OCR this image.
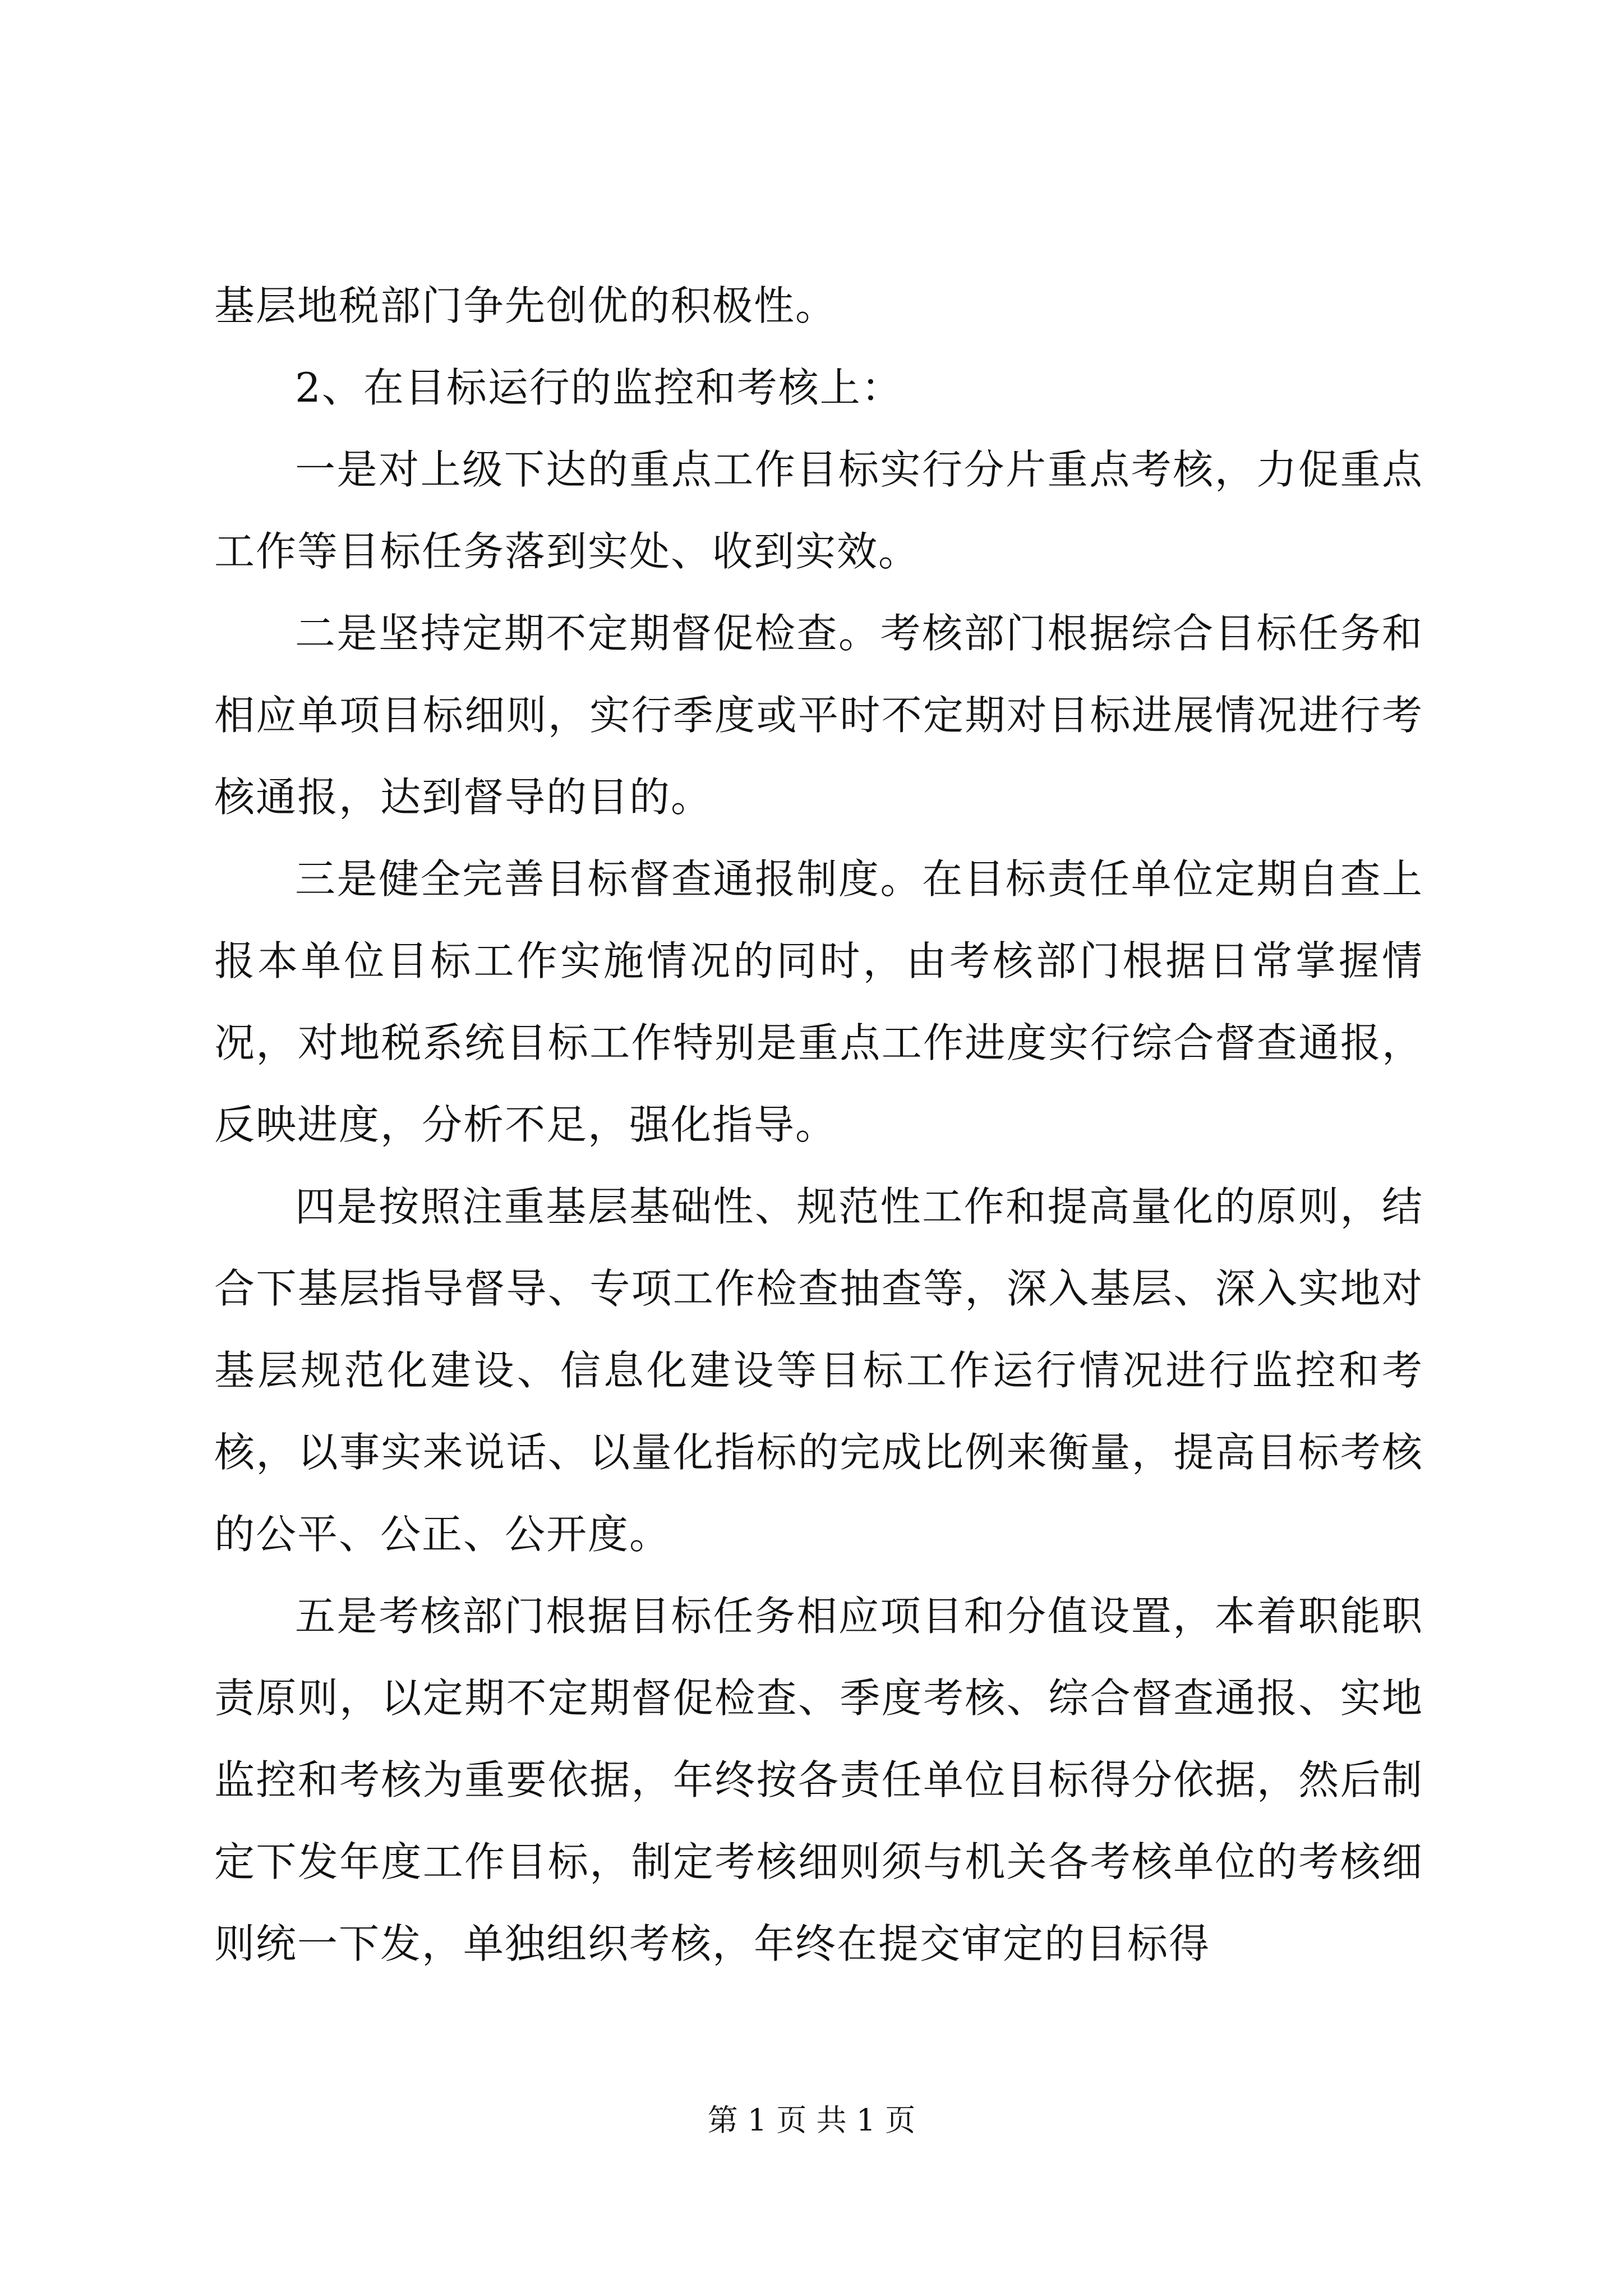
基层地税部门争先创优的积极性。

2、在目标运行的监控和考核上：

一是对上级下达的重点工作目标实行分片重点考核，力促重点工作等目标任务落到实处、收到实效。

二是坚持定期不定期督促检查。考核部门根据综合目标任务和相应单项目标细则，实行季度或平时不定期对目标进展情况进行考核通报，达到督导的目的。

三是健全完善目标督查通报制度。在目标责任单位定期自查上报本单位目标工作实施情况的同时，由考核部门根据日常掌握情况，对地税系统目标工作特别是重点工作进度实行综合督查通报，反映进度，分析不足，强化指导。

四是按照注重基层基础性、规范性工作和提高量化的原则，结合下基层指导督导、专项工作检查抽查等，深入基层、深入实地对基层规范化建设、信息化建设等目标工作运行情况进行监控和考核，以事实来说话、以量化指标的完成比例来衡量，提高目标考核的公平、公正、公开度。

五是考核部门根据目标任务相应项目和分值设置，本着职能职责原则，以定期不定期督促检查、季度考核、综合督查通报、实地监控和考核为重要依据，年终按各责任单位目标得分依据，然后制定下发年度工作目标，制定考核细则须与机关各考核单位的考核细则统一下发，单独组织考核，年终在提交审定的目标得

第 1 页 共 1 页
